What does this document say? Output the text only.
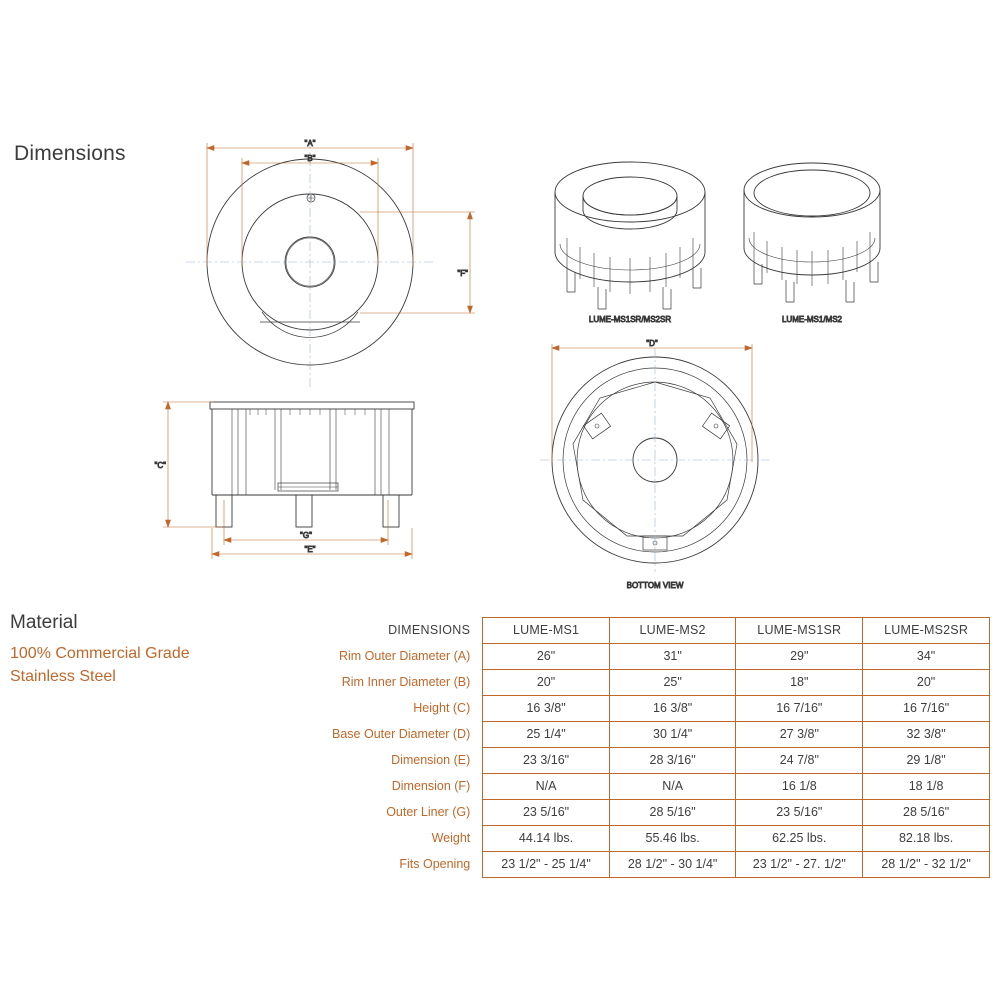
Dimensions
Material
100% Commercial Grade
Stainless Steel
"A"
"B"
"F"
"C"
"G"
"E"
LUME-MS1SR/MS2SR	LUME-MS1/MS2
"D"
BOTTOM VIEW
DIMENSIONS	LUME-MS1	LUME-MS2	LUME-MS1SR	LUME-MS2SR
Rim Outer Diameter (A)	26"	31"	29"	34"
Rim Inner Diameter (B)	20"	25"	18"	20"
Height (C)	16 3/8"	16 3/8"	16 7/16"	16 7/16"
Base Outer Diameter (D)	25 1/4"	30 1/4"	27 3/8"	32 3/8"
Dimension (E)	23 3/16"	28 3/16"	24 7/8"	29 1/8"
Dimension (F)	N/A	N/A	16 1/8	18 1/8
Outer Liner (G)	23 5/16"	28 5/16"	23 5/16"	28 5/16"
Weight	44.14 lbs.	55.46 lbs.	62.25 lbs.	82.18 lbs.
Fits Opening	23 1/2" - 25 1/4"	28 1/2" - 30 1/4"	23 1/2" - 27. 1/2"	28 1/2" - 32 1/2"
